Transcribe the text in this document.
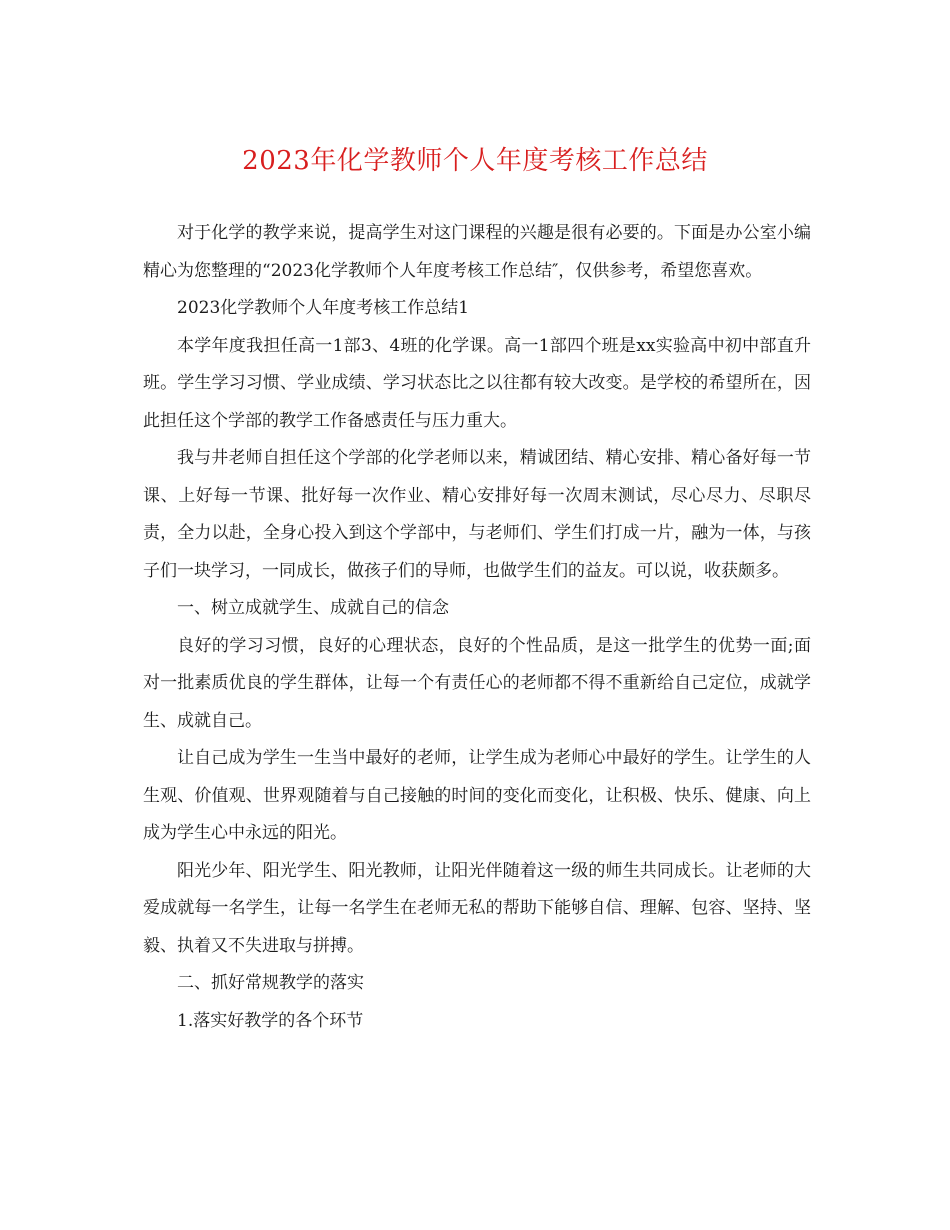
2023年化学教师个人年度考核工作总结

对于化学的教学来说，提高学生对这门课程的兴趣是很有必要的。下面是办公室小编精心为您整理的“2023化学教师个人年度考核工作总结″，仅供参考，希望您喜欢。

2023化学教师个人年度考核工作总结1

本学年度我担任高一1部3、4班的化学课。高一1部四个班是xx实验高中初中部直升班。学生学习习惯、学业成绩、学习状态比之以往都有较大改变。是学校的希望所在，因此担任这个学部的教学工作备感责任与压力重大。

我与井老师自担任这个学部的化学老师以来，精诚团结、精心安排、精心备好每一节课、上好每一节课、批好每一次作业、精心安排好每一次周末测试，尽心尽力、尽职尽责，全力以赴，全身心投入到这个学部中，与老师们、学生们打成一片，融为一体，与孩子们一块学习，一同成长，做孩子们的导师，也做学生们的益友。可以说，收获颇多。

一、树立成就学生、成就自己的信念

良好的学习习惯，良好的心理状态，良好的个性品质，是这一批学生的优势一面;面对一批素质优良的学生群体，让每一个有责任心的老师都不得不重新给自己定位，成就学生、成就自己。

让自己成为学生一生当中最好的老师，让学生成为老师心中最好的学生。让学生的人生观、价值观、世界观随着与自己接触的时间的变化而变化，让积极、快乐、健康、向上成为学生心中永远的阳光。

阳光少年、阳光学生、阳光教师，让阳光伴随着这一级的师生共同成长。让老师的大爱成就每一名学生，让每一名学生在老师无私的帮助下能够自信、理解、包容、坚持、坚毅、执着又不失进取与拼搏。

二、抓好常规教学的落实

1.落实好教学的各个环节
